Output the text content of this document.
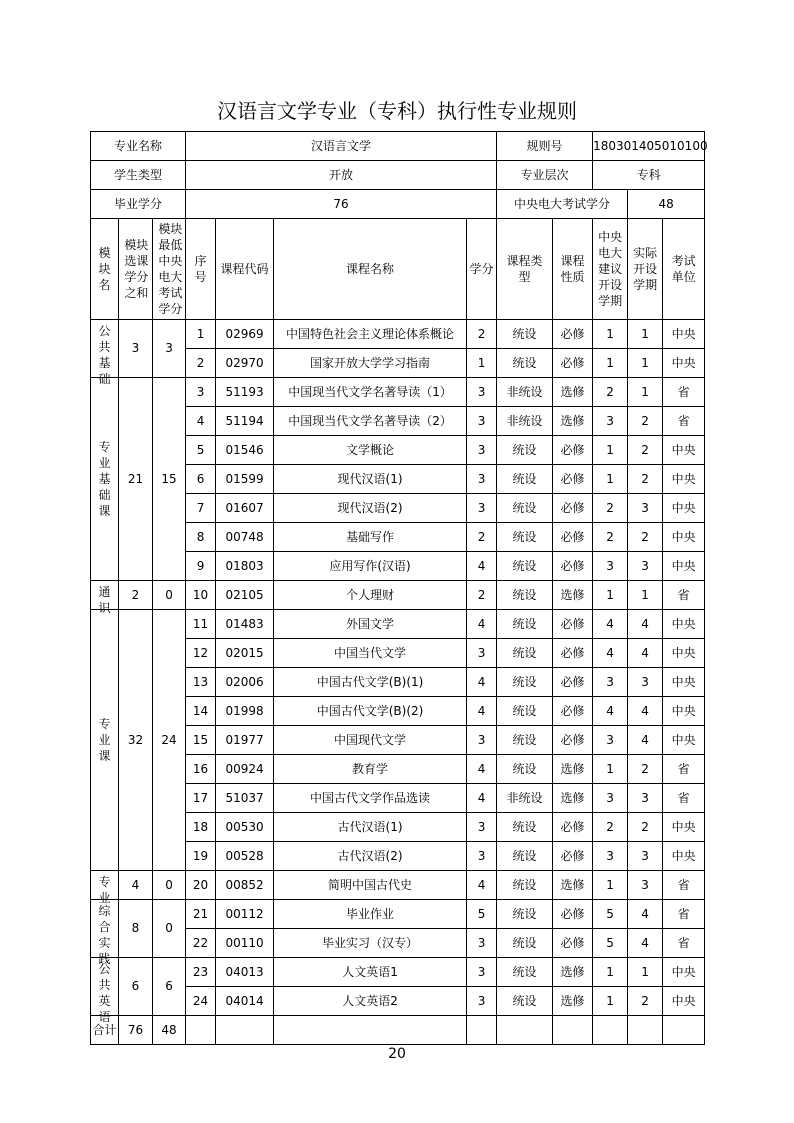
汉语言文学专业（专科）执行性专业规则
专业名称			汉语言文学				规则号		180301405010100		
学生类型			开放				专业层次		专科		
毕业学分			76				中央电大考试学分			48	
模块名	模块选课学分之和	模块最低中央电大考试学分	序号	课程代码	课程名称	学分	课程类型	课程性质	中央电大建议开设学期	实际开设学期	考试单位

公共基础	3	3	1	02969	中国特色社会主义理论体系概论	2	统设	必修	1	1	中央
			2	02970	国家开放大学学习指南	1	统设	必修	1	1	中央

专业基础课	21	15	3	51193	中国现当代文学名著导读（1）	3	非统设	选修	2	1	省
			4	51194	中国现当代文学名著导读（2）	3	非统设	选修	3	2	省
			5	01546	文学概论	3	统设	必修	1	2	中央
			6	01599	现代汉语(1)	3	统设	必修	1	2	中央
			7	01607	现代汉语(2)	3	统设	必修	2	3	中央
			8	00748	基础写作	2	统设	必修	2	2	中央
			9	01803	应用写作(汉语)	4	统设	必修	3	3	中央

通识	2	0	10	02105	个人理财	2	统设	选修	1	1	省

专业课	32	24	11	01483	外国文学	4	统设	必修	4	4	中央
			12	02015	中国当代文学	3	统设	必修	4	4	中央
			13	02006	中国古代文学(B)(1)	4	统设	必修	3	3	中央
			14	01998	中国古代文学(B)(2)	4	统设	必修	4	4	中央
			15	01977	中国现代文学	3	统设	必修	3	4	中央
			16	00924	教育学	4	统设	选修	1	2	省
			17	51037	中国古代文学作品选读	4	非统设	选修	3	3	省
			18	00530	古代汉语(1)	3	统设	必修	2	2	中央
			19	00528	古代汉语(2)	3	统设	必修	3	3	中央

专业	4	0	20	00852	简明中国古代史	4	统设	选修	1	3	省

综合实践	8	0	21	00112	毕业作业	5	统设	必修	5	4	省
			22	00110	毕业实习（汉专）	3	统设	必修	5	4	省

公共英语	6	6	23	04013	人文英语1	3	统设	选修	1	1	中央
			24	04014	人文英语2	3	统设	选修	1	2	中央
合计	76	48									
20
